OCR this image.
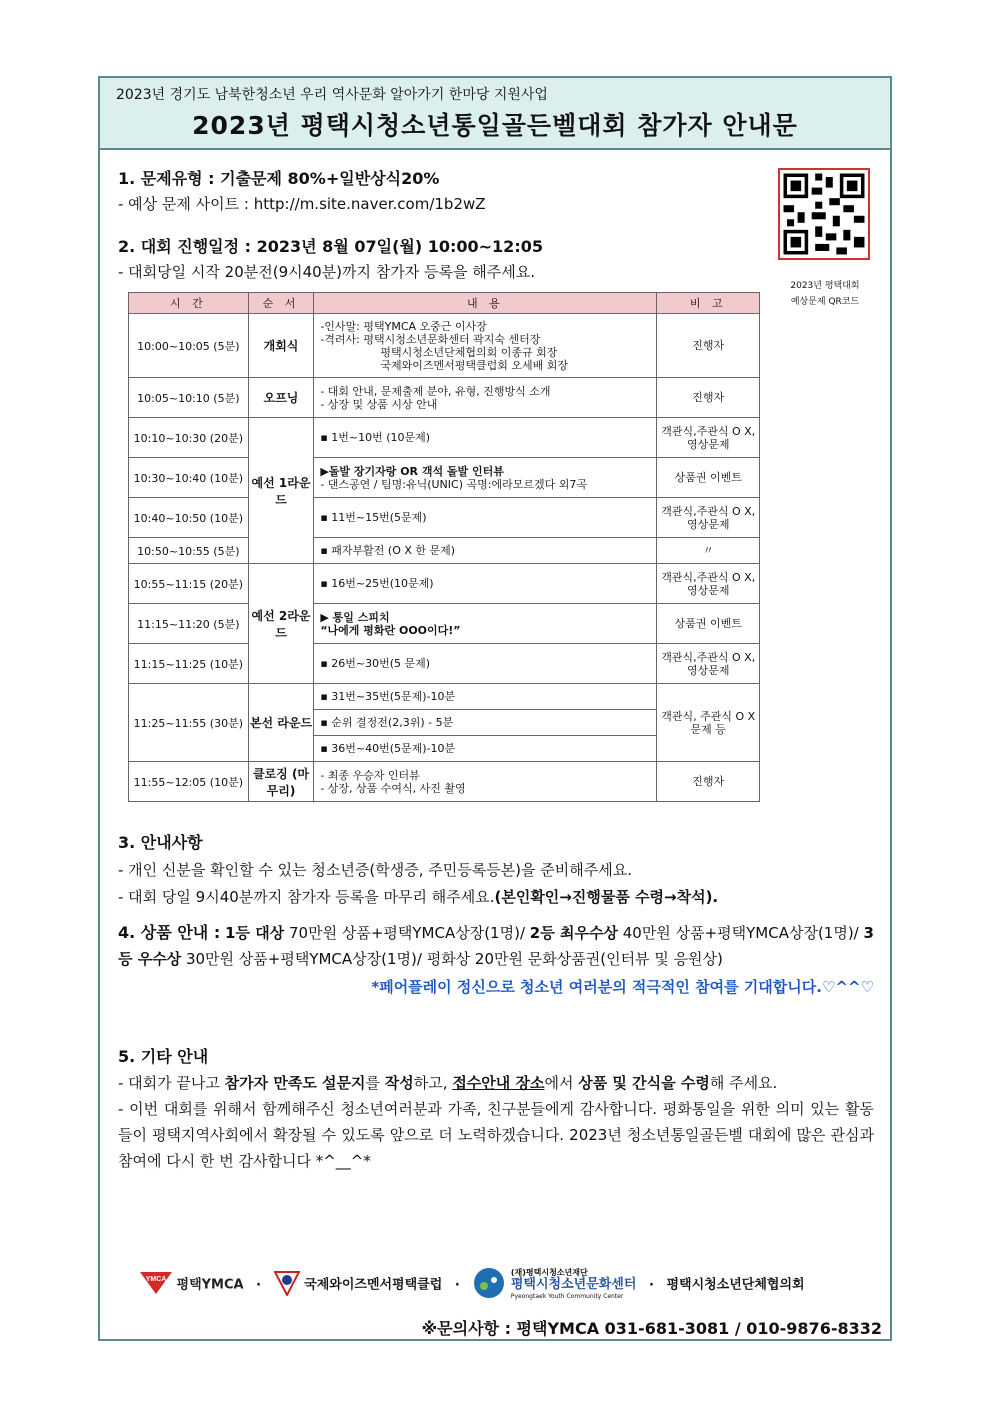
2023년 경기도 남북한청소년 우리 역사문화 알아가기 한마당 지원사업
2023년 평택시청소년통일골든벨대회 참가자 안내문
1. 문제유형 : 기출문제 80%+일반상식20%
- 예상 문제 사이트 : http://m.site.naver.com/1b2wZ
2023년 평택대회
예상문제 QR코드
2. 대회 진행일정 : 2023년 8월 07일(월) 10:00~12:05
- 대회당일 시작 20분전(9시40분)까지 참가자 등록을 해주세요.
시 간	순 서	내 용	비 고
10:00~10:05 (5분)	개회식	-인사말: 평택YMCA 오중근 이사장
-격려사: 평택시청소년문화센터 곽지숙 센터장
평택시청소년단체협의회 이종규 회장
국제와이즈멘서평택클럽회 오세배 회장	진행자
10:05~10:10 (5분)	오프닝	- 대회 안내, 문제출제 분야, 유형, 진행방식 소개
- 상장 및 상품 시상 안내	진행자
10:10~10:30 (20분)	예선 1라운드	▪ 1번~10번 (10문제)	객관식,주관식 O X, 영상문제
10:30~10:40 (10분)		▶돌발 장기자랑 OR 객석 돌발 인터뷰
- 댄스공연 / 팀명:유닉(UNIC) 곡명:에라모르겠다 외7곡	상품권 이벤트
10:40~10:50 (10분)		▪ 11번~15번(5문제)	객관식,주관식 O X, 영상문제
10:50~10:55 (5분)		▪ 패자부활전 (O X 한 문제)	〃
10:55~11:15 (20분)	예선 2라운드	▪ 16번~25번(10문제)	객관식,주관식 O X, 영상문제
11:15~11:20 (5분)		▶ 통일 스피치
“나에게 평화란 OOO이다!”	상품권 이벤트
11:15~11:25 (10분)		▪ 26번~30번(5 문제)	객관식,주관식 O X, 영상문제
11:25~11:55 (30분)	본선 라운드	▪ 31번~35번(5문제)-10분	객관식, 주관식 O X문제 등
		▪ 순위 결정전(2,3위) - 5분	
		▪ 36번~40번(5문제)-10분	
11:55~12:05 (10분)	클로징 (마무리)	- 최종 우승자 인터뷰
- 상장, 상품 수여식, 사진 촬영	진행자
3. 안내사항
- 개인 신분을 확인할 수 있는 청소년증(학생증, 주민등록등본)을 준비해주세요.
- 대회 당일 9시40분까지 참가자 등록을 마무리 해주세요.(본인확인→진행물품 수령→착석).
4. 상품 안내 : 1등 대상 70만원 상품+평택YMCA상장(1명)/ 2등 최우수상 40만원 상품+평택YMCA상장(1명)/ 3등 우수상 30만원 상품+평택YMCA상장(1명)/ 평화상 20만원 문화상품권(인터뷰 및 응원상)
*페어플레이 정신으로 청소년 여러분의 적극적인 참여를 기대합니다.♡^^♡
5. 기타 안내
- 대회가 끝나고 참가자 만족도 설문지를 작성하고, 접수안내 장소에서 상품 및 간식을 수령해 주세요.
- 이번 대회를 위해서 함께해주신 청소년여러분과 가족, 친구분들에게 감사합니다. 평화통일을 위한 의미 있는 활동들이 평택지역사회에서 확장될 수 있도록 앞으로 더 노력하겠습니다. 2023년 청소년통일골든벨 대회에 많은 관심과 참여에 다시 한 번 감사합니다 *^__^*
YMCA 평택YMCA ·	국제와이즈멘서평택클럽 ·
(재)평택시청소년재단
평택시청소년문화센터
Pyeongtaek Youth Community Center
· 평택시청소년단체협의회
※문의사항 : 평택YMCA 031-681-3081 / 010-9876-8332
